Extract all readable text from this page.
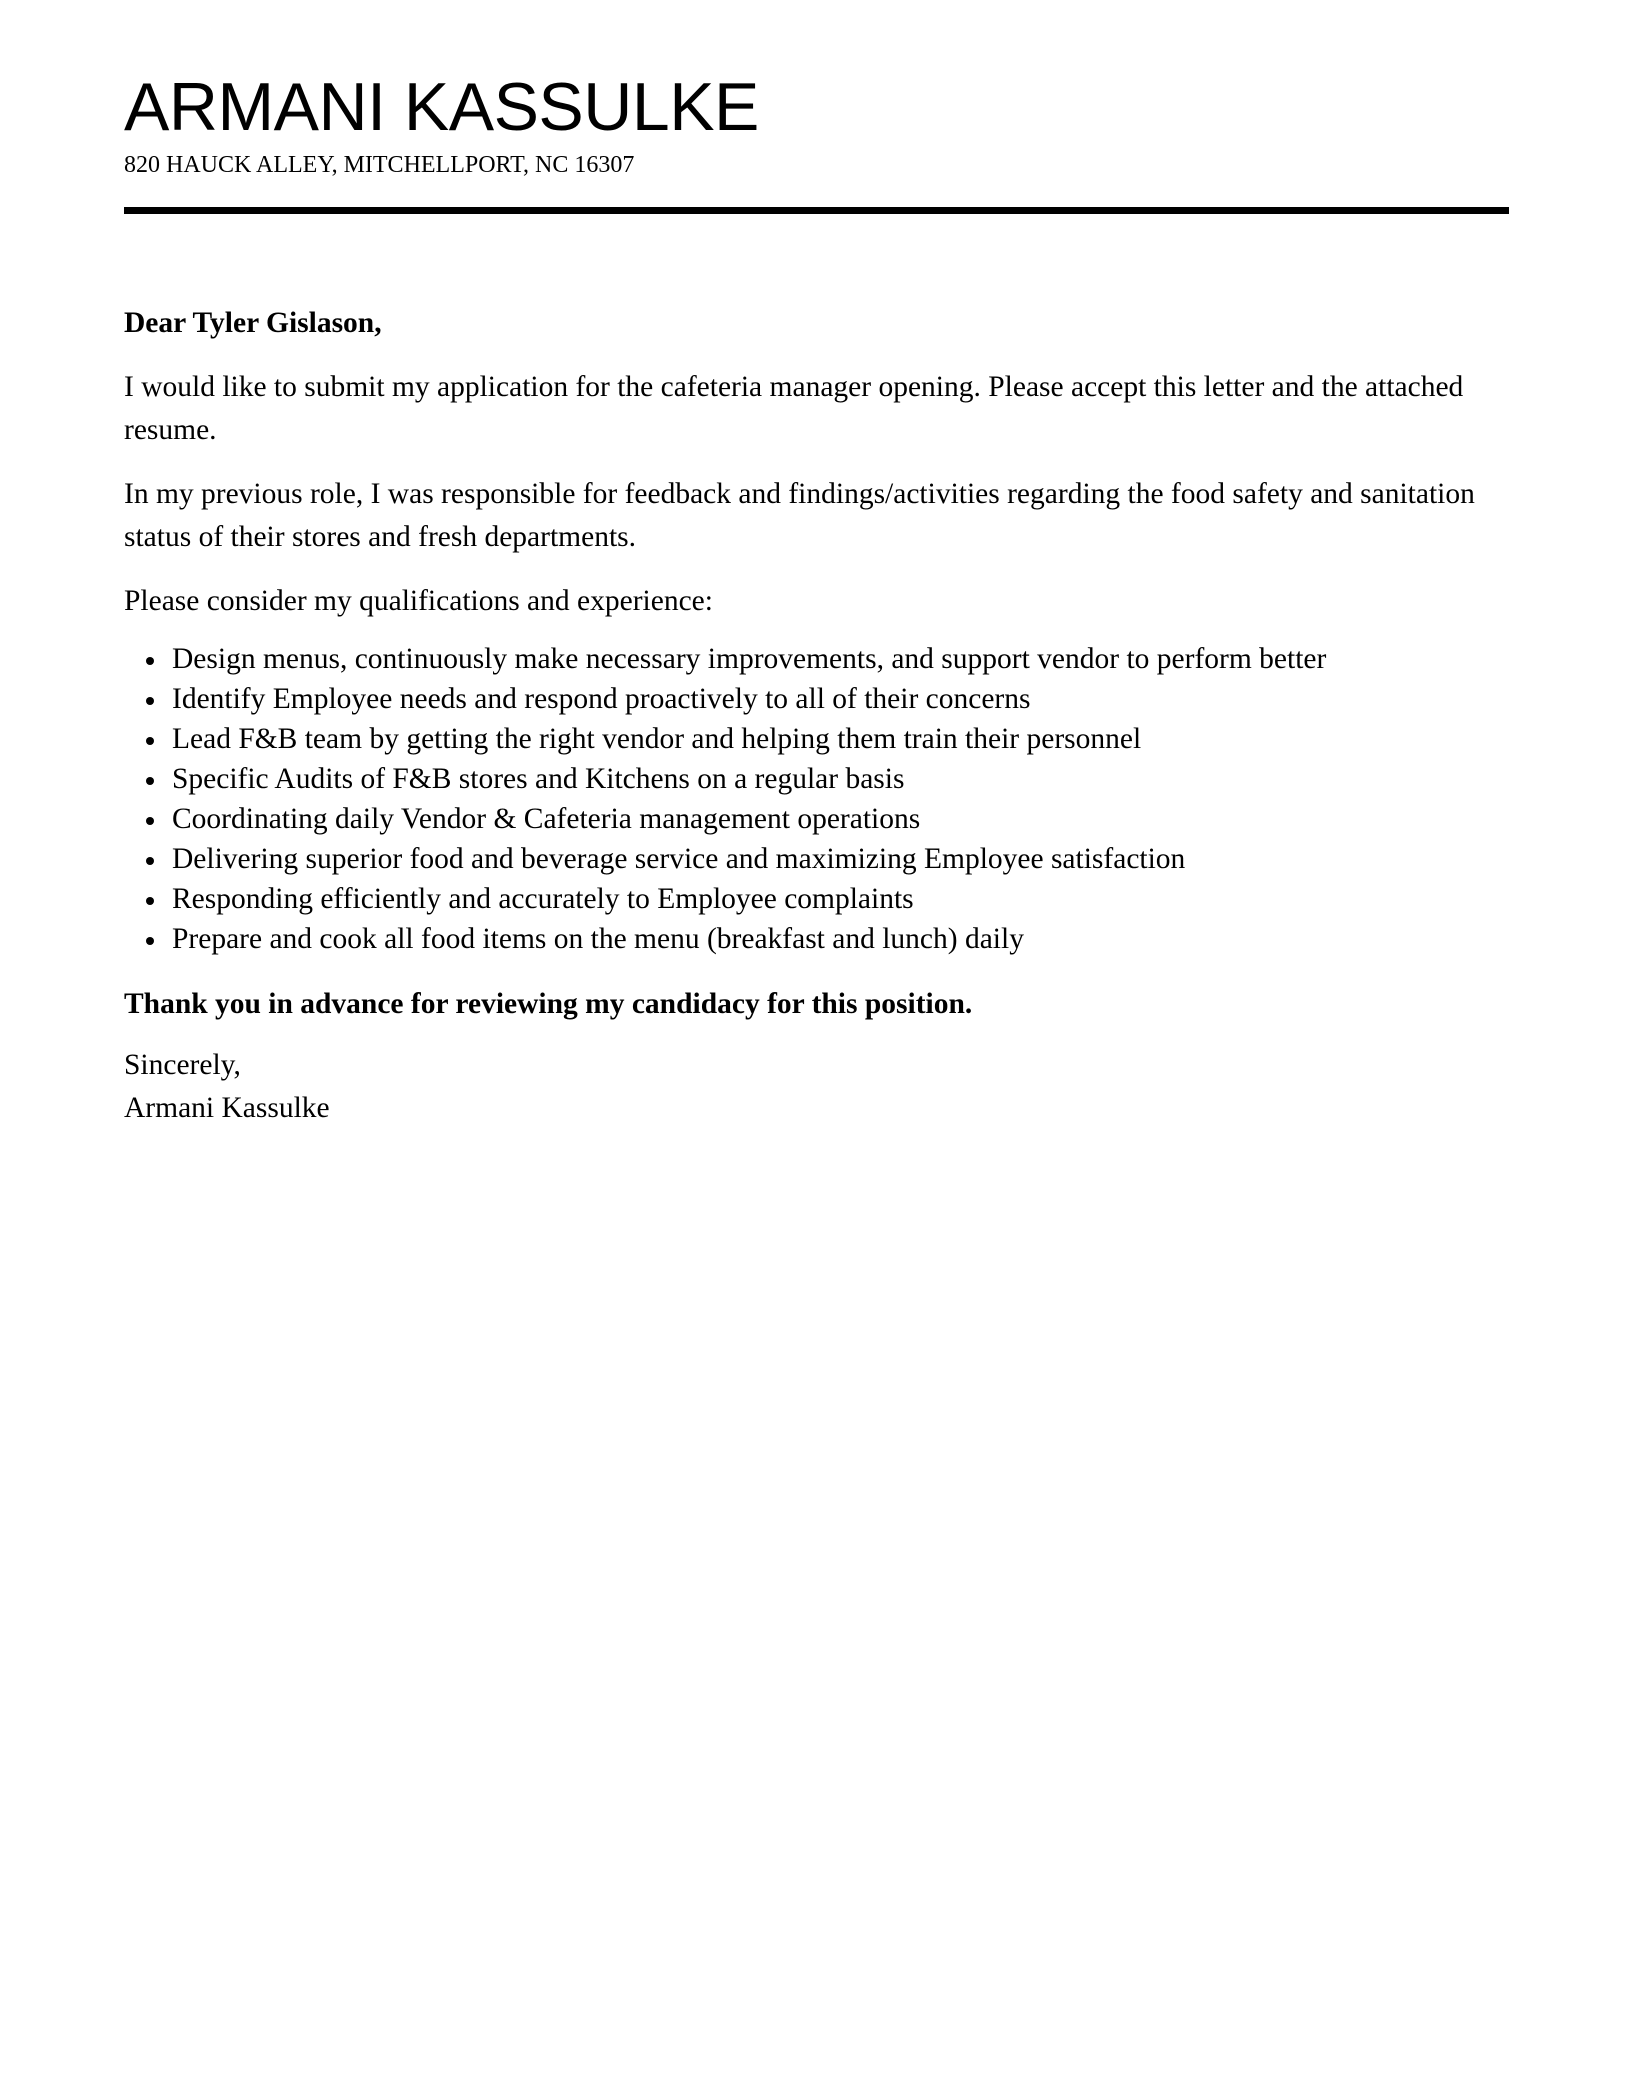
ARMANI KASSULKE

820 HAUCK ALLEY, MITCHELLPORT, NC 16307

Dear Tyler Gislason,

I would like to submit my application for the cafeteria manager opening. Please accept this letter and the attached resume.

In my previous role, I was responsible for feedback and findings/activities regarding the food safety and sanitation status of their stores and fresh departments.

Please consider my qualifications and experience:

Design menus, continuously make necessary improvements, and support vendor to perform better
Identify Employee needs and respond proactively to all of their concerns
Lead F&B team by getting the right vendor and helping them train their personnel
Specific Audits of F&B stores and Kitchens on a regular basis
Coordinating daily Vendor & Cafeteria management operations
Delivering superior food and beverage service and maximizing Employee satisfaction
Responding efficiently and accurately to Employee complaints
Prepare and cook all food items on the menu (breakfast and lunch) daily

Thank you in advance for reviewing my candidacy for this position.

Sincerely,

Armani Kassulke
